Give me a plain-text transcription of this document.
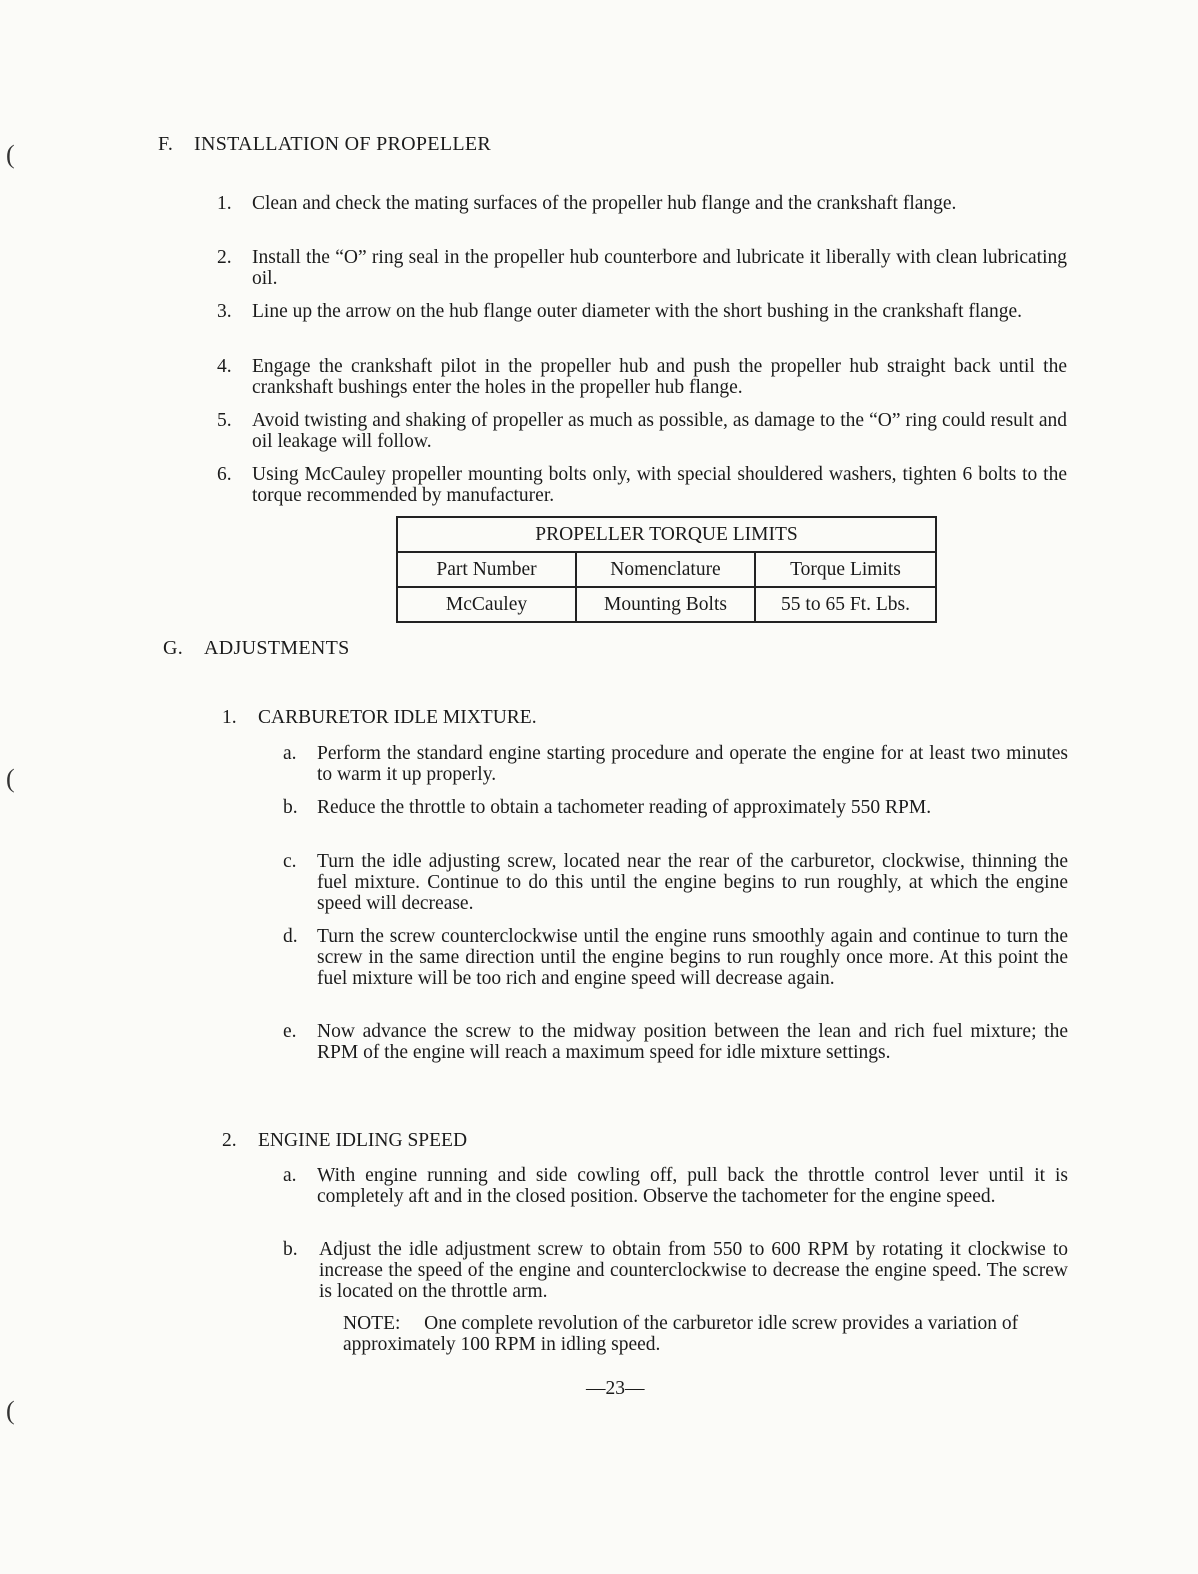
(
(
(
F. INSTALLATION OF PROPELLER
1. Clean and check the mating surfaces of the propeller hub flange and the crankshaft flange.
2. Install the “O” ring seal in the propeller hub counterbore and lubricate it liberally with clean lubricating oil.
3. Line up the arrow on the hub flange outer diameter with the short bushing in the crankshaft flange.
4. Engage the crankshaft pilot in the propeller hub and push the propeller hub straight back until the crankshaft bushings enter the holes in the propeller hub flange.
5. Avoid twisting and shaking of propeller as much as possible, as damage to the “O” ring could result and oil leakage will follow.
6. Using McCauley propeller mounting bolts only, with special shouldered washers, tighten 6 bolts to the torque recommended by manufacturer.
PROPELLER TORQUE LIMITS		
Part Number	Nomenclature	Torque Limits
McCauley	Mounting Bolts	55 to 65 Ft. Lbs.
G. ADJUSTMENTS
1. CARBURETOR IDLE MIXTURE.
a. Perform the standard engine starting procedure and operate the engine for at least two minutes to warm it up properly.
b. Reduce the throttle to obtain a tachometer reading of approximately 550 RPM.
c. Turn the idle adjusting screw, located near the rear of the carburetor, clockwise, thinning the fuel mixture. Continue to do this until the engine begins to run roughly, at which the engine speed will decrease.
d. Turn the screw counterclockwise until the engine runs smoothly again and continue to turn the screw in the same direction until the engine begins to run roughly once more. At this point the fuel mixture will be too rich and engine speed will decrease again.
e. Now advance the screw to the midway position between the lean and rich fuel mixture; the RPM of the engine will reach a maximum speed for idle mixture settings.
2. ENGINE IDLING SPEED
a. With engine running and side cowling off, pull back the throttle control lever until it is completely aft and in the closed position. Observe the tachometer for the engine speed.
b. Adjust the idle adjustment screw to obtain from 550 to 600 RPM by rotating it clockwise to increase the speed of the engine and counterclockwise to decrease the engine speed. The screw is located on the throttle arm.
NOTE: One complete revolution of the carburetor idle screw provides a variation of approximately 100 RPM in idling speed.
—23—
